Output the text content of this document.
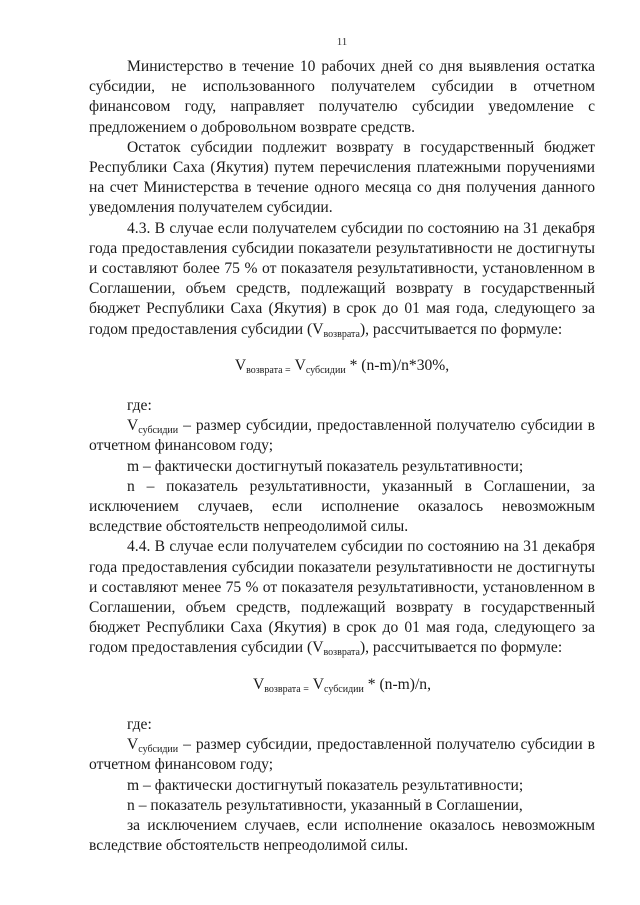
11

Министерство в течение 10 рабочих дней со дня выявления остатка субсидии, не использованного получателем субсидии в отчетном финансовом году, направляет получателю субсидии уведомление с предложением о добровольном возврате средств.

Остаток субсидии подлежит возврату в государственный бюджет Республики Саха (Якутия) путем перечисления платежными поручениями на счет Министерства в течение одного месяца со дня получения данного уведомления получателем субсидии.

4.3. В случае если получателем субсидии по состоянию на 31 декабря года предоставления субсидии показатели результативности не достигнуты и составляют более 75 % от показателя результативности, установленном в Соглашении, объем средств, подлежащий возврату в государственный бюджет Республики Саха (Якутия) в срок до 01 мая года, следующего за годом предоставления субсидии $(V_{возврата})$, рассчитывается по формуле:

$V_{возврата =}$ $V_{субсидии} * (n-m)/n*30\%$,

где:

$V_{субсидии}$ – размер субсидии, предоставленной получателю субсидии в отчетном финансовом году;

m – фактически достигнутый показатель результативности;

n – показатель результативности, указанный в Соглашении, за исключением случаев, если исполнение оказалось невозможным вследствие обстоятельств непреодолимой силы.

4.4. В случае если получателем субсидии по состоянию на 31 декабря года предоставления субсидии показатели результативности не достигнуты и составляют менее 75 % от показателя результативности, установленном в Соглашении, объем средств, подлежащий возврату в государственный бюджет Республики Саха (Якутия) в срок до 01 мая года, следующего за годом предоставления субсидии $(V_{возврата})$, рассчитывается по формуле:

$V_{возврата =}$ $V_{субсидии} * (n-m)/n$,

где:

$V_{субсидии}$ – размер субсидии, предоставленной получателю субсидии в отчетном финансовом году;

m – фактически достигнутый показатель результативности;

n – показатель результативности, указанный в Соглашении,

за исключением случаев, если исполнение оказалось невозможным вследствие обстоятельств непреодолимой силы.
